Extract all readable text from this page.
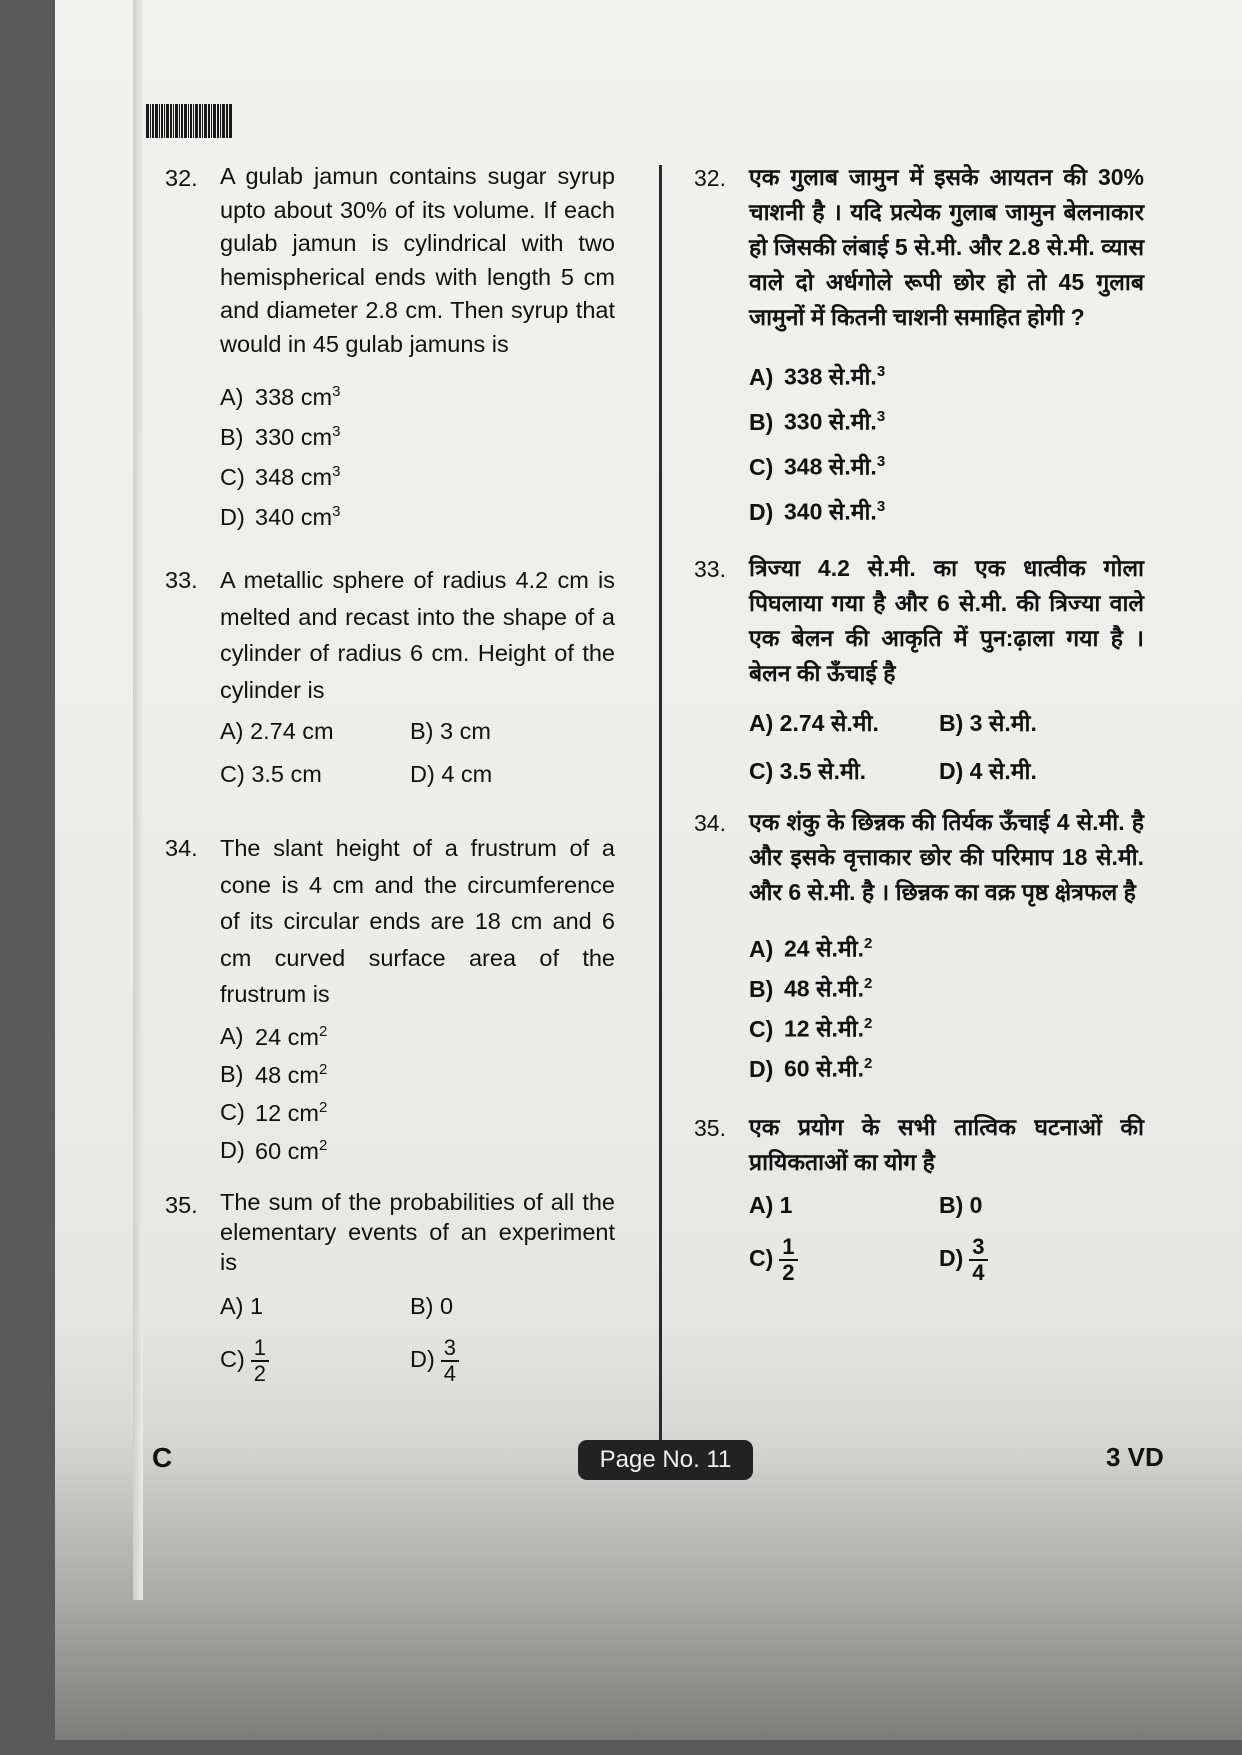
32. A gulab jamun contains sugar syrup upto about 30% of its volume. If each gulab jamun is cylindrical with two hemispherical ends with length 5 cm and diameter 2.8 cm. Then syrup that would in 45 gulab jamuns is
A) 338 $cm^3$
B) 330 $cm^3$
C) 348 $cm^3$
D) 340 $cm^3$
33. A metallic sphere of radius 4.2 cm is melted and recast into the shape of a cylinder of radius 6 cm. Height of the cylinder is
A) 2.74 cm	B) 3 cm
C) 3.5 cm	D) 4 cm
34. The slant height of a frustrum of a cone is 4 cm and the circumference of its circular ends are 18 cm and 6 cm curved surface area of the frustrum is
A) 24 $cm^2$
B) 48 $cm^2$
C) 12 $cm^2$
D) 60 $cm^2$
35. The sum of the probabilities of all the elementary events of an experiment is
A) 1	B) 0
$C) \frac{1}{2}$	$D) \frac{3}{4}$
32. एक गुलाब जामुन में इसके आयतन की 30% चाशनी है । यदि प्रत्येक गुलाब जामुन बेलनाकार हो जिसकी लंबाई 5 से.मी. और 2.8 से.मी. व्यास वाले दो अर्धगोले रूपी छोर हो तो 45 गुलाब जामुनों में कितनी चाशनी समाहित होगी ?
A) 338 से.मी.$^3$
B) 330 से.मी.$^3$
C) 348 से.मी.$^3$
D) 340 से.मी.$^3$
33. त्रिज्या 4.2 से.मी. का एक धात्वीक गोला पिघलाया गया है और 6 से.मी. की त्रिज्या वाले एक बेलन की आकृति में पुन:ढ़ाला गया है । बेलन की ऊँचाई है
A) 2.74 से.मी.	B) 3 से.मी.
C) 3.5 से.मी.	D) 4 से.मी.
34. एक शंकु के छिन्नक की तिर्यक ऊँचाई 4 से.मी. है और इसके वृत्ताकार छोर की परिमाप 18 से.मी. और 6 से.मी. है । छिन्नक का वक्र पृष्ठ क्षेत्रफल है
A) 24 से.मी.$^2$
B) 48 से.मी.$^2$
C) 12 से.मी.$^2$
D) 60 से.मी.$^2$
35. एक प्रयोग के सभी तात्विक घटनाओं की प्रायिकताओं का योग है
A) 1	B) 0
$C) \frac{1}{2}$	$D) \frac{3}{4}$
C	Page No. 11	3 VD
